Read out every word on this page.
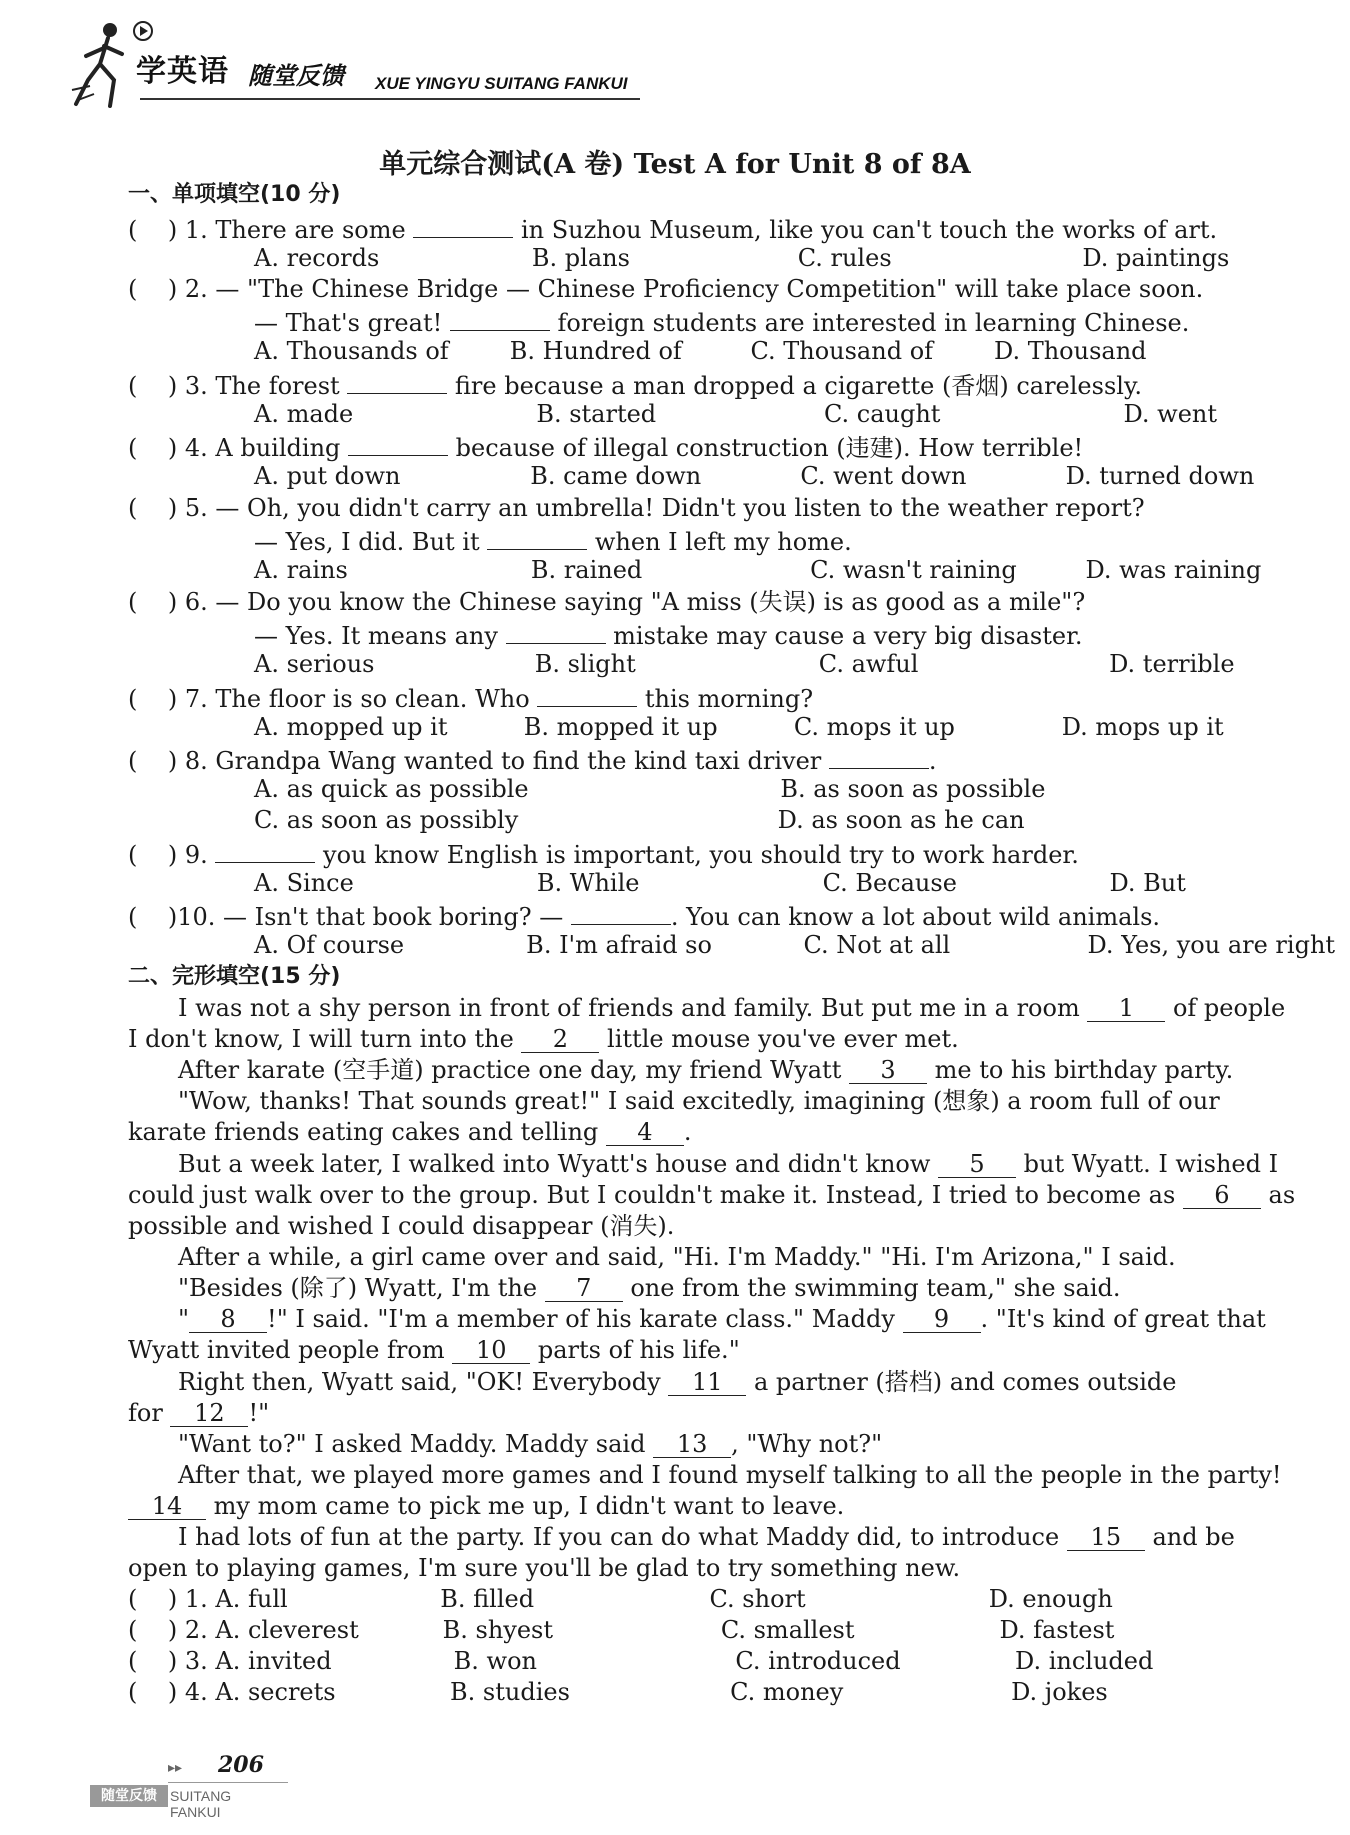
学英语 随堂反馈 XUE YINGYU SUITANG FANKUI
单元综合测试(A 卷) Test A for Unit 8 of 8A
一、单项填空(10 分)
(    ) 1. There are some	in Suzhou Museum, like you can't touch the works of art.
A. records                    B. plans                      C. rules                         D. paintings
(    ) 2. — "The Chinese Bridge — Chinese Proficiency Competition" will take place soon.
— That's great!	foreign students are interested in learning Chinese.
A. Thousands of        B. Hundred of         C. Thousand of        D. Thousand
(    ) 3. The forest	fire because a man dropped a cigarette (香烟) carelessly.
A. made                        B. started                      C. caught                        D. went
(    ) 4. A building	because of illegal construction (违建). How terrible!
A. put down                 B. came down             C. went down             D. turned down
(    ) 5. — Oh, you didn't carry an umbrella! Didn't you listen to the weather report?
— Yes, I did. But it	when I left my home.
A. rains                        B. rained                      C. wasn't raining         D. was raining
(    ) 6. — Do you know the Chinese saying "A miss (失误) is as good as a mile"?
— Yes. It means any	mistake may cause a very big disaster.
A. serious                     B. slight                        C. awful                         D. terrible
(    ) 7. The floor is so clean. Who	this morning?
A. mopped up it          B. mopped it up          C. mops it up              D. mops up it
(    ) 8. Grandpa Wang wanted to find the kind taxi driver	.
A. as quick as possible                                 B. as soon as possible
C. as soon as possibly                                  D. as soon as he can
(    ) 9.	you know English is important, you should try to work harder.
A. Since                        B. While                        C. Because                    D. But
(    )10. — Isn't that book boring? —	. You can know a lot about wild animals.
A. Of course                B. I'm afraid so            C. Not at all                  D. Yes, you are right
二、完形填空(15 分)
I was not a shy person in front of friends and family. But put me in a room 1 of people
I don't know, I will turn into the 2 little mouse you've ever met.
After karate (空手道) practice one day, my friend Wyatt 3 me to his birthday party.
"Wow, thanks! That sounds great!" I said excitedly, imagining (想象) a room full of our
karate friends eating cakes and telling 4 .
But a week later, I walked into Wyatt's house and didn't know 5 but Wyatt. I wished I
could just walk over to the group. But I couldn't make it. Instead, I tried to become as 6 as
possible and wished I could disappear (消失).
After a while, a girl came over and said, "Hi. I'm Maddy." "Hi. I'm Arizona," I said.
"Besides (除了) Wyatt, I'm the 7 one from the swimming team," she said.
" 8 !" I said. "I'm a member of his karate class." Maddy 9 . "It's kind of great that
Wyatt invited people from 10 parts of his life."
Right then, Wyatt said, "OK! Everybody 11 a partner (搭档) and comes outside
for 12 !"
"Want to?" I asked Maddy. Maddy said 13 , "Why not?"
After that, we played more games and I found myself talking to all the people in the party!
14 my mom came to pick me up, I didn't want to leave.
I had lots of fun at the party. If you can do what Maddy did, to introduce 15 and be
open to playing games, I'm sure you'll be glad to try something new.
(    ) 1. A. full                    B. filled                       C. short                        D. enough
(    ) 2. A. cleverest           B. shyest                      C. smallest                   D. fastest
(    ) 3. A. invited                B. won                          C. introduced               D. included
(    ) 4. A. secrets               B. studies                     C. money                      D. jokes
▸▸ 206
随堂反馈 SUITANG FANKUI
